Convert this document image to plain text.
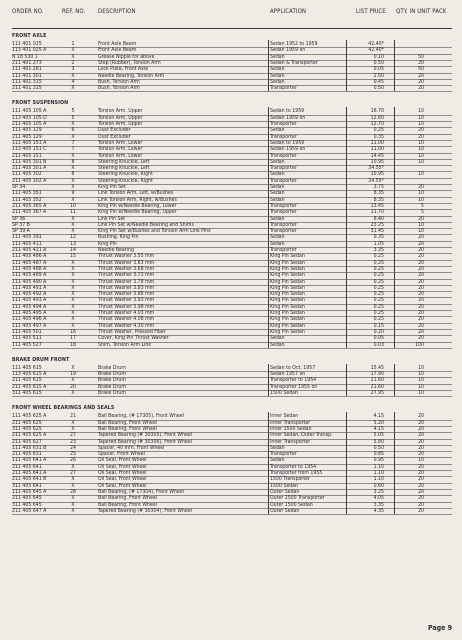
ORDER NO.	REF. NO. DESCRIPTION	APPLICATION	LIST PRICE QTY. IN UNIT PACK
FRONT AXLE
111 401 025	1	Front Axle Beam	Sedan 1952 to 1959	42.40*
113 401 025 A	X	Front Axle Beam	Sedan 1959 on	42.40*
N 18 530 1	X	Grease Nipple for above	Sedan	0.10	50
211 401 273	2	Stop (Rubber), Torsion Arm	Sedan & Transporter	0.50	20
111 401 281	3	Lock Plate, Front Axle	Sedan	0.05	50
111 401 301	X	Needle Bearing, Torsion Arm	Sedan	2.50	20
111 401 315	4	Bush, Torsion Arm	Sedan	0.45	20
211 401 315	X	Bush, Torsion Arm	Transporter	0.50	20
FRONT SUSPENSION
111 405 105 A	5	Torsion Arm, Upper	Sedan to 1959	16.70	10
113 405 105 D	5	Torsion Arm, Upper	Sedan 1959 on	12.60	10
211 405 105 A	X	Torsion Arm, Upper	Transporter	12.70	10
111 405 129	6	Dust Excluder	Sedan	0.25	20
211 405 129	X	Dust Excluder	Transporter	0.35	20
111 405 151 A	7	Torsion Arm, Lower	Sedan to 1959	11.00	10
113 405 151 C	7	Torsion Arm, Lower	Sedan 1959 on	11.00	10
211 405 151	X	Torsion Arm, Lower	Transporter	14.45	10
111 405 301 B	8	Steering Knuckle, Left	Sedan	10.95	10
211 405 301 A	X	Steering Knuckle, Left	Transporter	34.55*
111 405 302	8	Steering Knuckle, Right	Sedan	10.95	10
211 405 302 A	X	Steering Knuckle, Right	Transporter	34.55*
SP 34	X	King Pin Set	Sedan	3.75	20
111 405 351	9	Link Torsion Arm, Left, w/Bushes	Sedan	8.35	10
111 405 352	X	Link Torsion Arm, Right, w/Bushes	Sedan	8.35	10
211 405 365 A	10	King Pin w/Needle Bearing, Lower	Transporter	13.45	5
211 405 367 A	11	King Pin w/Needle Bearing, Upper	Transporter	11.70	5
SP 36	X	Link Pin Set	Sedan	8.40	20
SP 37 B	X	Link Pin Set w/Needle Bearing and Shims	Transporter	23.25	10
SP 39 A	X	King Pin Set w/Bushes and Torsion Arm Link Pins	Transporter	31.45	10
111 405 391	12	Bushing, King Pin	Sedan	0.35	20
111 405 411	13	King Pin	Sedan	1.05	20
211 405 421 A	14	Needle Bearing	Transporter	3.35	20
111 405 486 A	15	Thrust Washer 3.55 mm	King Pin Sedan	0.25	20
111 405 487 A	X	Thrust Washer 3.63 mm	King Pin Sedan	0.25	20
111 405 488 A	X	Thrust Washer 3.68 mm	King Pin Sedan	0.25	20
111 405 489 A	X	Thrust Washer 3.73 mm	King Pin Sedan	0.25	20
111 405 490 A	X	Thrust Washer 3.78 mm	King Pin Sedan	0.25	20
111 405 491 A	X	Thrust Washer 3.83 mm	King Pin Sedan	0.25	20
111 405 492 A	X	Thrust Washer 3.88 mm	King Pin Sedan	0.25	20
111 405 493 A	X	Thrust Washer 3.93 mm	King Pin Sedan	0.25	20
111 405 494 A	X	Thrust Washer 3.98 mm	King Pin Sedan	0.25	20
111 405 495 A	X	Thrust Washer 4.03 mm	King Pin Sedan	0.25	20
111 405 496 A	X	Thrust Washer 4.08 mm	King Pin Sedan	0.25	20
111 405 497 A	X	Thrust Washer 4.30 mm	King Pin Sedan	0.15	20
111 405 501	16	Thrust Washer, Pressed Fiber	King Pin Sedan	0.20	20
111 405 511	17	Cover, King Pin Thrust Washer	Sedan	0.05	20
111 405 527	18	Shim, Torsion Arm Link	Sedan	0.03	100
BRAKE DRUM FRONT
111 405 615	X	Brake Drum	Sedan to Oct. 1957	15.45	10
113 405 615 A	19	Brake Drum	Sedan 1957 on	17.90	10
211 405 615	X	Brake Drum	Transporter to 1954	21.60	10
211 405 615 A	20	Brake Drum	Transporter 1955 on	21.60	10
311 405 615	X	Brake Drum	1500 Sedan	27.95	10
FRONT WHEEL BEARINGS AND SEALS
111 405 625 A	21	Ball Bearing, (# 17305), Front Wheel	Inner Sedan	4.15	20
211 405 625	X	Ball Bearing, Front Wheel	Inner Transporter	5.20	20
311 405 625	X	Ball Bearing, Front Wheel	Inner 1500 Sedan	4.15	20
211 405 625 A	27	Tapered Bearing (# 30305), Front Wheel	Inner Sedan, Outer Transp.	5.05	20
211 405 627	23	Tapered Bearing (# 30306), Front Wheel	Inner Transporter	5.80	20
111 405 631 B	24	Spacer, 40 mm, Front Wheel	Sedan	0.50	20
211 405 631	25	Spacer, Front Wheel	Transporter	0.85	20
111 405 641 A	26	Oil Seal, Front Wheel	Sedan	0.95	10
211 405 641	X	Oil Seal, Front Wheel	Transporter to 1954	1.10	20
211 405 641 A	27	Oil Seal, Front Wheel	Transporter from 1955	1.10	20
211 405 641 B	X	Oil Seal, Front Wheel	1500 Transporter	1.10	20
311 405 641	X	Oil Seal, Front Wheel	1500 Sedan	0.60	20
111 405 645 A	28	Ball Bearing, (# 17304), Front Wheel	Outer Sedan	3.25	20
211 405 645	X	Ball Bearing, Front Wheel	Outer 1500 Transporter	4.05	20
311 405 645	X	Ball Bearing, Front Wheel	Outer 1500 Sedan	3.35	20
211 405 647 A	X	Tapered Bearing (# 30304), Front Wheel	Outer Sedan	4.35	20
Page 9
